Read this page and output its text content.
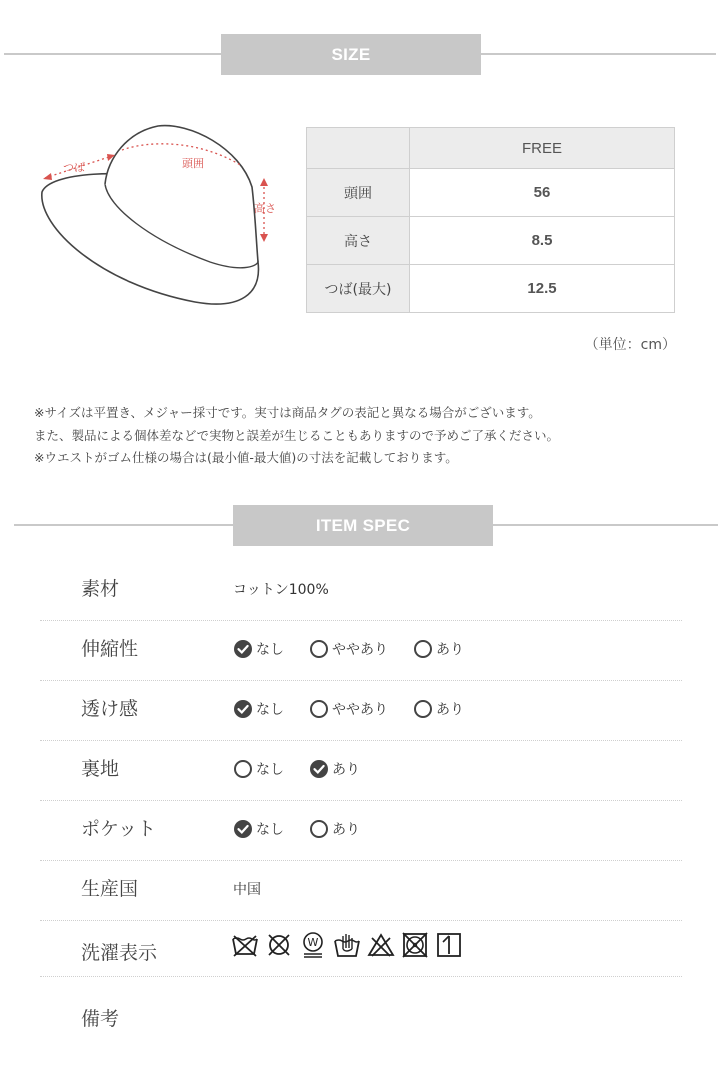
SIZE
つば	頭囲
高さ
	FREE
頭囲	56
高さ	8.5
つば(最大)	12.5
（単位：cm）
※サイズは平置き、メジャー採寸です。実寸は商品タグの表記と異なる場合がございます。
また、製品による個体差などで実物と誤差が生じることもありますので予めご了承ください。
※ウエストがゴム仕様の場合は(最小値-最大値)の寸法を記載しております。
ITEM SPEC
素材	コットン100%
伸縮性	なし	ややあり	あり
透け感	なし	ややあり	あり
裏地	なし	あり
ポケット	なし	あり
生産国	中国
洗濯表示	W
備考
